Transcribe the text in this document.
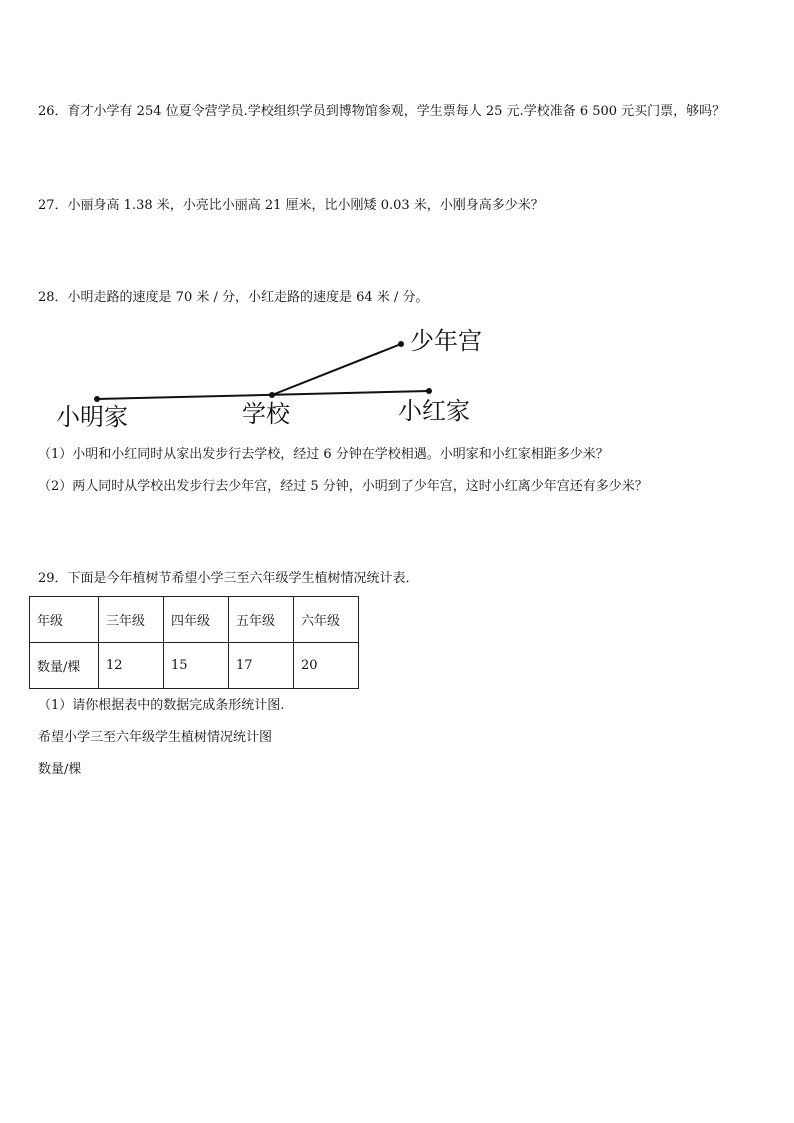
26．育才小学有 254 位夏令营学员.学校组织学员到博物馆参观，学生票每人 25 元.学校准备 6 500 元买门票，够吗？
27．小丽身高 1.38 米，小亮比小丽高 21 厘米，比小刚矮 0.03 米，小刚身高多少米？
28．小明走路的速度是 70 米 / 分，小红走路的速度是 64 米 / 分。
小明家	学校	小红家
少年宫
（1）小明和小红同时从家出发步行去学校，经过 6 分钟在学校相遇。小明家和小红家相距多少米？
（2）两人同时从学校出发步行去少年宫，经过 5 分钟，小明到了少年宫，这时小红离少年宫还有多少米？
29．下面是今年植树节希望小学三至六年级学生植树情况统计表．
年级	三年级	四年级	五年级	六年级
数量/棵	12	15	17	20
（1）请你根据表中的数据完成条形统计图.
希望小学三至六年级学生植树情况统计图
数量/棵
